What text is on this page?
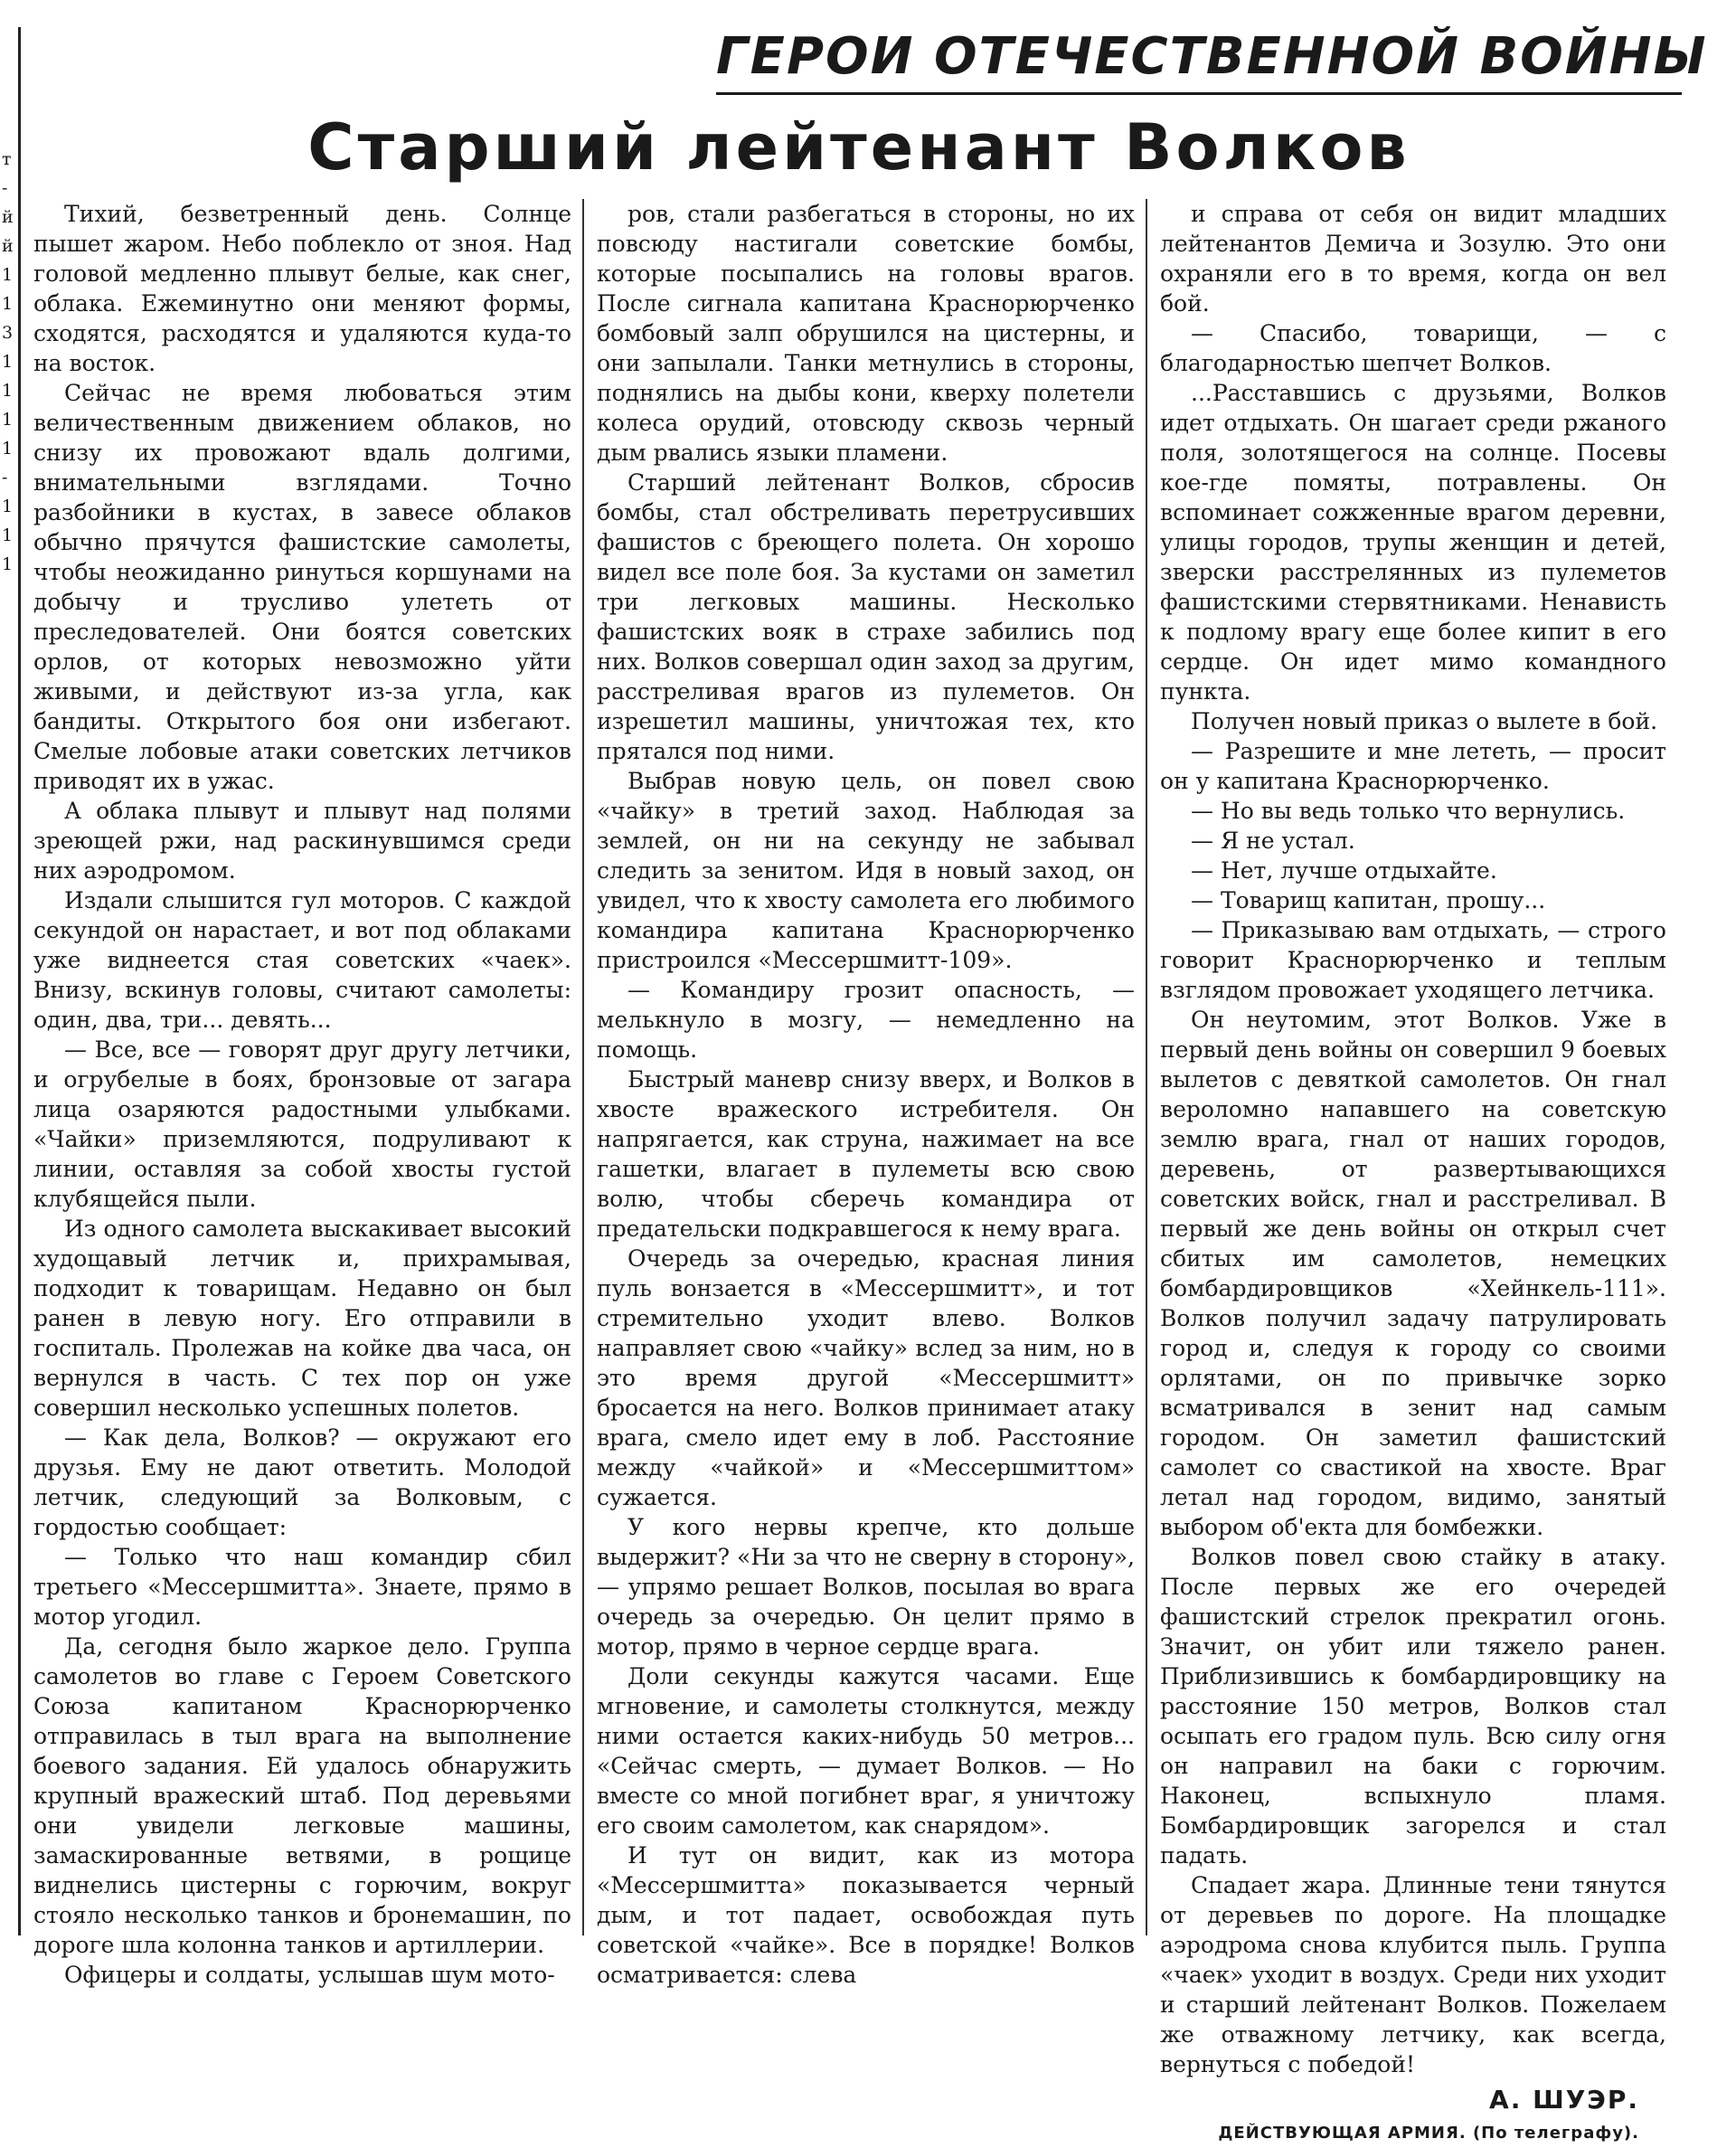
т
-
й
й
1
1
3
1
1
1
1
-
1
1
1
ГЕРОИ ОТЕЧЕСТВЕННОЙ ВОЙНЫ
Старший лейтенант Волков

Тихий, безветренный день. Солнце пышет жаром. Небо поблекло от зноя. Над головой медленно плывут белые, как снег, облака. Ежеминутно они меняют формы, сходятся, расходятся и удаляются куда-то на восток.

Сейчас не время любоваться этим величественным движением облаков, но снизу их провожают вдаль долгими, внимательными взглядами. Точно разбойники в кустах, в завесе облаков обычно прячутся фашистские самолеты, чтобы неожиданно ринуться коршунами на добычу и трусливо улететь от преследователей. Они боятся советских орлов, от которых невозможно уйти живыми, и действуют из-за угла, как бандиты. Открытого боя они избегают. Смелые лобовые атаки советских летчиков приводят их в ужас.

А облака плывут и плывут над полями зреющей ржи, над раскинувшимся среди них аэродромом.

Издали слышится гул моторов. С каждой секундой он нарастает, и вот под облаками уже виднеется стая советских «чаек». Внизу, вскинув головы, считают самолеты: один, два, три... девять...

— Все, все — говорят друг другу летчики, и огрубелые в боях, бронзовые от загара лица озаряются радостными улыбками. «Чайки» приземляются, подруливают к линии, оставляя за собой хвосты густой клубящейся пыли.

Из одного самолета выскакивает высокий худощавый летчик и, прихрамывая, подходит к товарищам. Недавно он был ранен в левую ногу. Его отправили в госпиталь. Пролежав на койке два часа, он вернулся в часть. С тех пор он уже совершил несколько успешных полетов.

— Как дела, Волков? — окружают его друзья. Ему не дают ответить. Молодой летчик, следующий за Волковым, с гордостью сообщает:

— Только что наш командир сбил третьего «Мессершмитта». Знаете, прямо в мотор угодил.

Да, сегодня было жаркое дело. Группа самолетов во главе с Героем Советского Союза капитаном Краснорюрченко отправилась в тыл врага на выполнение боевого задания. Ей удалось обнаружить крупный вражеский штаб. Под деревьями они увидели легковые машины, замаскированные ветвями, в рощице виднелись цистерны с горючим, вокруг стояло несколько танков и бронемашин, по дороге шла колонна танков и артиллерии.

Офицеры и солдаты, услышав шум мото-

ров, стали разбегаться в стороны, но их повсюду настигали советские бомбы, которые посыпались на головы врагов. После сигнала капитана Краснорюрченко бомбовый залп обрушился на цистерны, и они запылали. Танки метнулись в стороны, поднялись на дыбы кони, кверху полетели колеса орудий, отовсюду сквозь черный дым рвались языки пламени.

Старший лейтенант Волков, сбросив бомбы, стал обстреливать перетрусивших фашистов с бреющего полета. Он хорошо видел все поле боя. За кустами он заметил три легковых машины. Несколько фашистских вояк в страхе забились под них. Волков совершал один заход за другим, расстреливая врагов из пулеметов. Он изрешетил машины, уничтожая тех, кто прятался под ними.

Выбрав новую цель, он повел свою «чайку» в третий заход. Наблюдая за землей, он ни на секунду не забывал следить за зенитом. Идя в новый заход, он увидел, что к хвосту самолета его любимого командира капитана Краснорюрченко пристроился «Мессершмитт-109».

— Командиру грозит опасность, — мелькнуло в мозгу, — немедленно на помощь.

Быстрый маневр снизу вверх, и Волков в хвосте вражеского истребителя. Он напрягается, как струна, нажимает на все гашетки, влагает в пулеметы всю свою волю, чтобы сберечь командира от предательски подкравшегося к нему врага.

Очередь за очередью, красная линия пуль вонзается в «Мессершмитт», и тот стремительно уходит влево. Волков направляет свою «чайку» вслед за ним, но в это время другой «Мессершмитт» бросается на него. Волков принимает атаку врага, смело идет ему в лоб. Расстояние между «чайкой» и «Мессершмиттом» сужается.

У кого нервы крепче, кто дольше выдержит? «Ни за что не сверну в сторону», — упрямо решает Волков, посылая во врага очередь за очередью. Он целит прямо в мотор, прямо в черное сердце врага.

Доли секунды кажутся часами. Еще мгновение, и самолеты столкнутся, между ними остается каких-нибудь 50 метров... «Сейчас смерть, — думает Волков. — Но вместе со мной погибнет враг, я уничтожу его своим самолетом, как снарядом».

И тут он видит, как из мотора «Мессершмитта» показывается черный дым, и тот падает, освобождая путь советской «чайке». Все в порядке! Волков осматривается: слева

и справа от себя он видит младших лейтенантов Демича и Зозулю. Это они охраняли его в то время, когда он вел бой.

— Спасибо, товарищи, — с благодарностью шепчет Волков.

...Расставшись с друзьями, Волков идет отдыхать. Он шагает среди ржаного поля, золотящегося на солнце. Посевы кое-где помяты, потравлены. Он вспоминает сожженные врагом деревни, улицы городов, трупы женщин и детей, зверски расстрелянных из пулеметов фашистскими стервятниками. Ненависть к подлому врагу еще более кипит в его сердце. Он идет мимо командного пункта.

Получен новый приказ о вылете в бой.

— Разрешите и мне лететь, — просит он у капитана Краснорюрченко.

— Но вы ведь только что вернулись.

— Я не устал.

— Нет, лучше отдыхайте.

— Товарищ капитан, прошу...

— Приказываю вам отдыхать, — строго говорит Краснорюрченко и теплым взглядом провожает уходящего летчика.

Он неутомим, этот Волков. Уже в первый день войны он совершил 9 боевых вылетов с девяткой самолетов. Он гнал вероломно напавшего на советскую землю врага, гнал от наших городов, деревень, от развертывающихся советских войск, гнал и расстреливал. В первый же день войны он открыл счет сбитых им самолетов, немецких бомбардировщиков «Хейнкель-111». Волков получил задачу патрулировать город и, следуя к городу со своими орлятами, он по привычке зорко всматривался в зенит над самым городом. Он заметил фашистский самолет со свастикой на хвосте. Враг летал над городом, видимо, занятый выбором об'екта для бомбежки.

Волков повел свою стайку в атаку. После первых же его очередей фашистский стрелок прекратил огонь. Значит, он убит или тяжело ранен. Приблизившись к бомбардировщику на расстояние 150 метров, Волков стал осыпать его градом пуль. Всю силу огня он направил на баки с горючим. Наконец, вспыхнуло пламя. Бомбардировщик загорелся и стал падать.

Спадает жара. Длинные тени тянутся от деревьев по дороге. На площадке аэродрома снова клубится пыль. Группа «чаек» уходит в воздух. Среди них уходит и старший лейтенант Волков. Пожелаем же отважному летчику, как всегда, вернуться с победой!

А. ШУЭР.

ДЕЙСТВУЮЩАЯ АРМИЯ. (По телеграфу).
